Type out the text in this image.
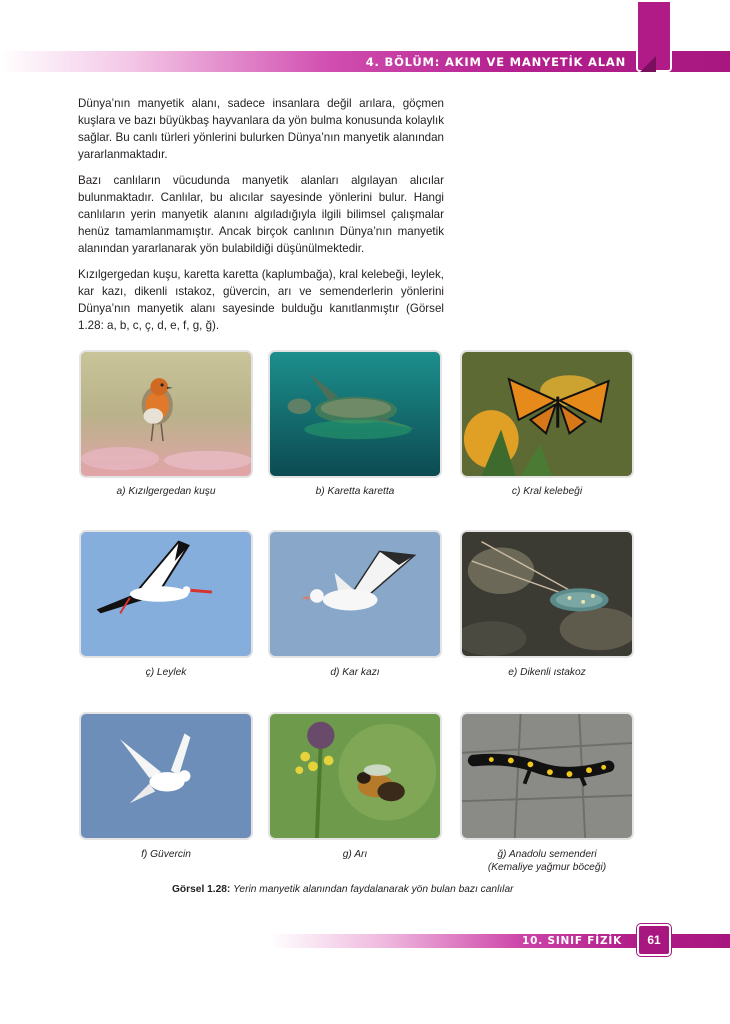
4. BÖLÜM: AKIM VE MANYETİK ALAN

Dünya’nın manyetik alanı, sadece insanlara değil arılara, göçmen kuşlara ve bazı büyükbaş hayvanlara da yön bulma konusunda kolaylık sağlar. Bu canlı türleri yönlerini bulurken Dünya’nın manyetik alanından yararlanmaktadır.

Bazı canlıların vücudunda manyetik alanları algılayan alıcılar bulunmaktadır. Canlılar, bu alıcılar sayesinde yönlerini bulur. Hangi canlıların yerin manyetik alanını algıladığıyla ilgili bilimsel çalışmalar henüz tamamlanmamıştır. Ancak birçok canlının Dünya’nın manyetik alanından yararlanarak yön bulabildiği düşünülmektedir.

Kızılgergedan kuşu, karetta karetta (kaplumbağa), kral kelebeği, leylek, kar kazı, dikenli ıstakoz, güvercin, arı ve semenderlerin yönlerini Dünya’nın manyetik alanı sayesinde bulduğu kanıtlanmıştır (Görsel 1.28: a, b, c, ç, d, e, f, g, ğ).

a) Kızılgergedan kuşu	b) Karetta karetta	c) Kral kelebeği
ç) Leylek	d) Kar kazı	e) Dikenli ıstakoz
f) Güvercin	g) Arı	ğ) Anadolu semenderi
(Kemaliye yağmur böceği)
Görsel 1.28: Yerin manyetik alanından faydalanarak yön bulan bazı canlılar
10. SINIF FİZİK	61
